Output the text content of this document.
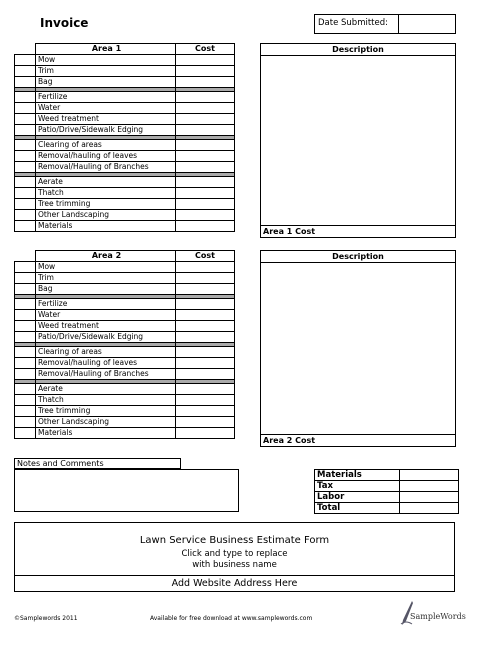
Invoice	Date Submitted:
	Area 1	Cost
	Mow	
	Trim	
	Bag	

	Fertilize	
	Water	
	Weed treatment	
	Patio/Drive/Sidewalk Edging	

	Clearing of areas	
	Removal/hauling of leaves	
	Removal/Hauling of Branches	

	Aerate	
	Thatch	
	Tree trimming	
	Other Landscaping	
	Materials	
Description
Area 1 Cost
	Area 2	Cost
	Mow	
	Trim	
	Bag	

	Fertilize	
	Water	
	Weed treatment	
	Patio/Drive/Sidewalk Edging	

	Clearing of areas	
	Removal/hauling of leaves	
	Removal/Hauling of Branches	

	Aerate	
	Thatch	
	Tree trimming	
	Other Landscaping	
	Materials	
Description
Area 2 Cost
Notes and Comments
Materials	
Tax	
Labor	
Total	
Lawn Service Business Estimate Form
Click and type to replace
with business name
Add Website Address Here
©Samplewords 2011	Available for free download at www.samplewords.com	SampleWords
